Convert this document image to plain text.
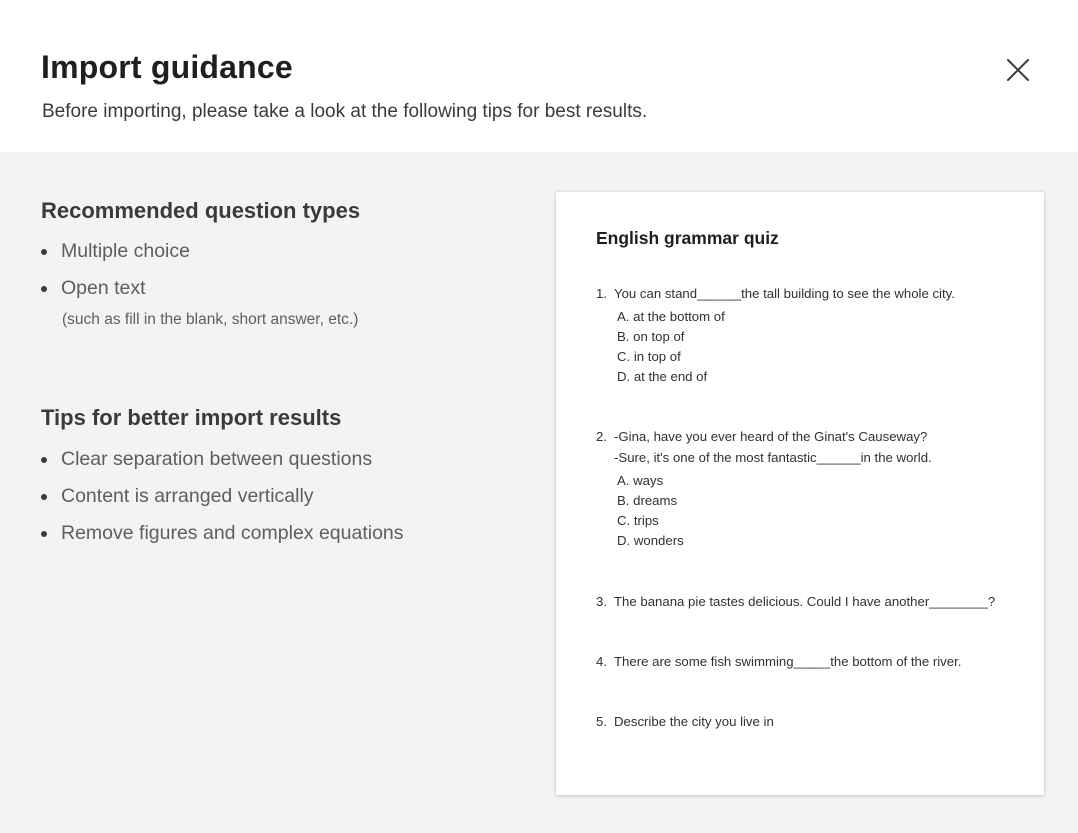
Import guidance

Before importing, please take a look at the following tips for best results.

Recommended question types
Multiple choice
Open text
(such as fill in the blank, short answer, etc.)
Tips for better import results
Clear separation between questions
Content is arranged vertically
Remove figures and complex equations
English grammar quiz
1. You can stand______the tall building to see the whole city.
A. at the bottom of
B. on top of
C. in top of
D. at the end of
2. -Gina, have you ever heard of the Ginat's Causeway?
-Sure, it's one of the most fantastic______in the world.
A. ways
B. dreams
C. trips
D. wonders
3. The banana pie tastes delicious. Could I have another________?
4. There are some fish swimming_____the bottom of the river.
5. Describe the city you live in
